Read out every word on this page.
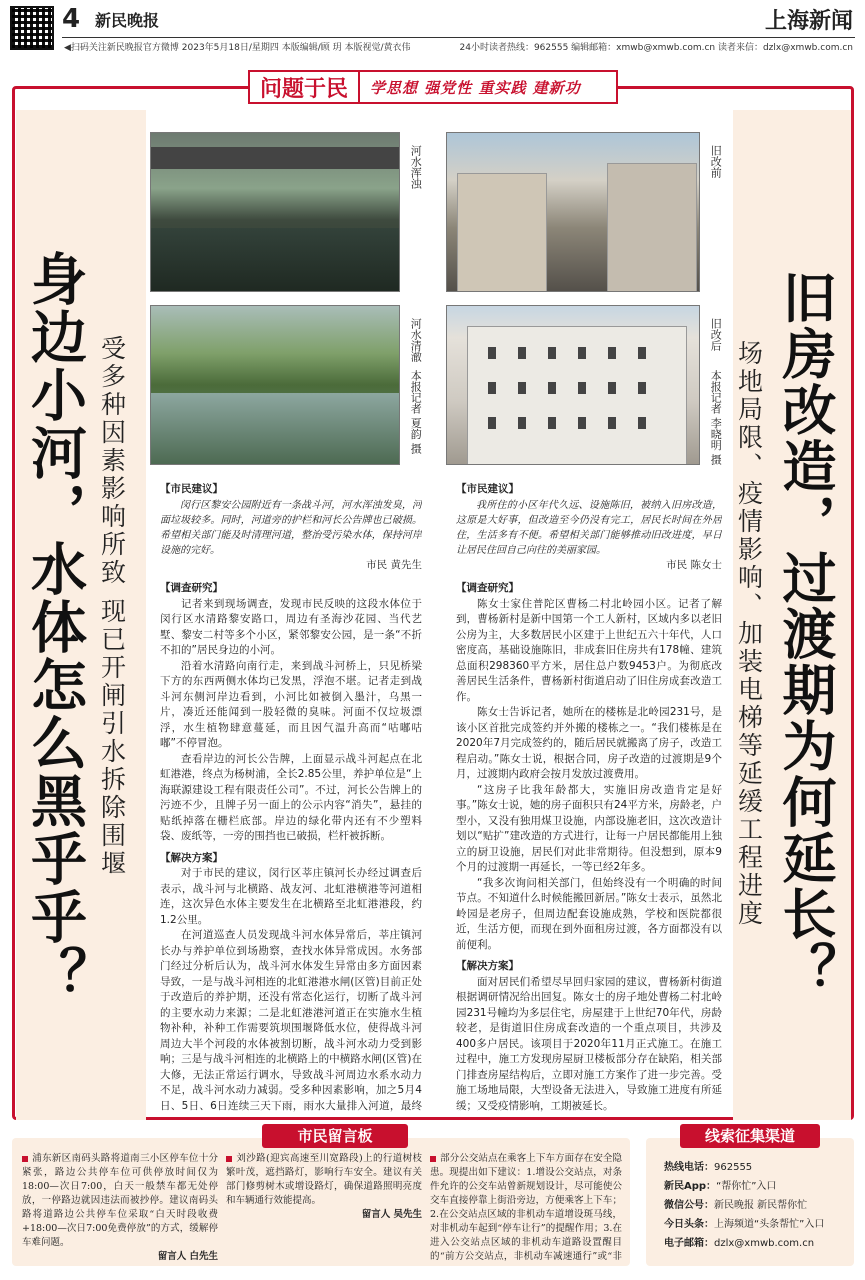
4 新民晚报	上海新闻
◀扫码关注新民晚报官方微博 2023年5月18日/星期四 本版编辑/顾 玥 本版视觉/黄衣伟	24小时读者热线：962555 编辑邮箱：xmwb@xmwb.com.cn 读者来信：dzlx@xmwb.com.cn
问题于民	学思想 强党性 重实践 建新功
身边小河，水体怎么黑乎乎？ 受多种因素影响所致 现已开闸引水拆除围堰	旧房改造，过渡期为何延长？
场地局限、疫情影响、加装电梯等延缓工程进度
河水浑浊
河水清澈
本报记者 夏韵 摄
旧改前
旧改后
本报记者 李晓明 摄
【市民建议】

闵行区黎安公园附近有一条战斗河，河水浑浊发臭，河面垃圾较多。同时，河道旁的护栏和河长公告牌也已破损。希望相关部门能及时清理河道，整治受污染水体，保持河岸设施的完好。

市民 黄先生

【调查研究】

记者来到现场调查，发现市民反映的这段水体位于闵行区水清路黎安路口，周边有圣海沙花园、当代艺墅、黎安二村等多个小区，紧邻黎安公园，是一条“不折不扣的”居民身边的小河。

沿着水清路向南行走，来到战斗河桥上，只见桥梁下方的东西两侧水体均已发黑，浮泡不堪。记者走到战斗河东侧河岸边看到，小河比如被倒入墨汁，乌黑一片，凑近还能闻到一股轻微的臭味。河面不仅垃圾漂浮，水生植物肆意蔓延，而且因气温升高而“咕嘟咕嘟”不停冒泡。

查看岸边的河长公告牌，上面显示战斗河起点在北虹港港，终点为杨树浦，全长2.85公里，养护单位是“上海联源建设工程有限责任公司”。不过，河长公告牌上的污迹不少，且牌子另一面上的公示内容“消失”，悬挂的贴纸掉落在栅栏底部。岸边的绿化带内还有不少塑料袋、废纸等，一旁的围挡也已破损，栏杆被拆断。

【解决方案】

对于市民的建议，闵行区莘庄镇河长办经过调查后表示，战斗河与北横路、战友河、北虹港横港等河道相连，这次异色水体主要发生在北横路至北虹港港段，约1.2公里。

在河道巡查人员发现战斗河水体异常后，莘庄镇河长办与养护单位到场勘察，查找水体异常成因。水务部门经过分析后认为，战斗河水体发生异常由多方面因素导致，一是与战斗河相连的北虹港港水闸(区管)目前正处于改造后的养护期，还没有常态化运行，切断了战斗河的主要水动力来源；二是北虹港港河道正在实施水生植物补种，补种工作需要筑坝围堰降低水位，使得战斗河周边大半个河段的水体被割切断，战斗河水动力受到影响；三是与战斗河相连的北横路上的中横路水闸(区管)在大修，无法正常运行调水，导致战斗河周边水系水动力不足，战斗河水动力减弱。受多种因素影响，加之5月4日、5日、6日连续三天下雨，雨水大量排入河道，最终

【市民建议】

我所住的小区年代久远、设施陈旧，被纳入旧房改造，这原是大好事，但改造至今仍没有完工，居民长时间在外居住，生活多有不便。希望相关部门能够推动旧改进度，早日让居民住回自己向往的美丽家园。

市民 陈女士

【调查研究】

陈女士家住普陀区曹杨二村北岭园小区。记者了解到，曹杨新村是新中国第一个工人新村，区域内多以老旧公房为主，大多数居民小区建于上世纪五六十年代，人口密度高，基础设施陈旧，非成套旧住房共有178幢、建筑总面积298360平方米，居住总户数9453户。为彻底改善居民生活条件，曹杨新村街道启动了旧住房成套改造工作。

陈女士告诉记者，她所在的楼栋是北岭园231号，是该小区首批完成签约并外搬的楼栋之一。“我们楼栋是在2020年7月完成签约的，随后居民就搬离了房子，改造工程启动。”陈女士说，根据合同，房子改造的过渡期是9个月，过渡期内政府会按月发放过渡费用。

“这房子比我年龄都大，实施旧房改造肯定是好事。”陈女士说，她的房子面积只有24平方米，房龄老，户型小，又没有独用煤卫设施，内部设施老旧，这次改造计划以“贴扩”建改造的方式进行，让每一户居民都能用上独立的厨卫设施，居民们对此非常期待。但没想到，原本9个月的过渡期一再延长，一等已经2年多。

“我多次询问相关部门，但始终没有一个明确的时间节点。不知道什么时候能搬回新居。”陈女士表示，虽然北岭园是老房子，但周边配套设施成熟，学校和医院都很近，生活方便，而现在到外面租房过渡，各方面都没有以前便利。

【解决方案】

面对居民们希望尽早回归家园的建议，曹杨新村街道根据调研情况给出回复。陈女士的房子地处曹杨二村北岭园231号幢均为多层住宅，房屋建于上世纪70年代，房龄较老，是街道旧住房成套改造的一个重点项目，共涉及400多户居民。该项目于2020年11月正式施工。在施工过程中，施工方发现房屋厨卫楼板部分存在缺陷，相关部门排查房屋结构后，立即对施工方案作了进一步完善。受施工场地局限，大型设备无法进入，导致施工进度有所延缓；又受疫情影响，工期被延长。

市民留言板
浦东新区南码头路将道南三小区停车位十分紧张，路边公共停车位可供停放时间仅为18:00—次日7:00，白天一般禁车都无处停放，一停路边就因违法而被抄停。建议南码头路将道路边公共停车位采取“白天时段收费+18:00—次日7:00免费停放”的方式，缓解停车难问题。
留言人 白先生
刘沙路(迎宾高速至川宽路段)上的行道树枝繁叶茂，遮挡路灯，影响行车安全。建议有关部门修剪树木或增设路灯，确保道路照明亮度和车辆通行效能提高。
留言人 吴先生
部分公交站点在乘客上下车方面存在安全隐患。现提出如下建议：1.增设公交站点，对条件允许的公交车站曾新规划设计，尽可能使公交车直接停靠上街沿旁边，方便乘客上下车；2.在公交站点区域的非机动车道增设斑马线，对非机动车起到“停车让行”的提醒作用；3.在进入公交站点区域的非机动车道路设置醒目的“前方公交站点，非机动车减速通行”或“非
线索征集渠道
热线电话：962555
新民App：“帮你忙”入口
微信公号：新民晚报 新民帮你忙
今日头条：上海频道“头条帮忙”入口
电子邮箱：dzlx@xmwb.com.cn
